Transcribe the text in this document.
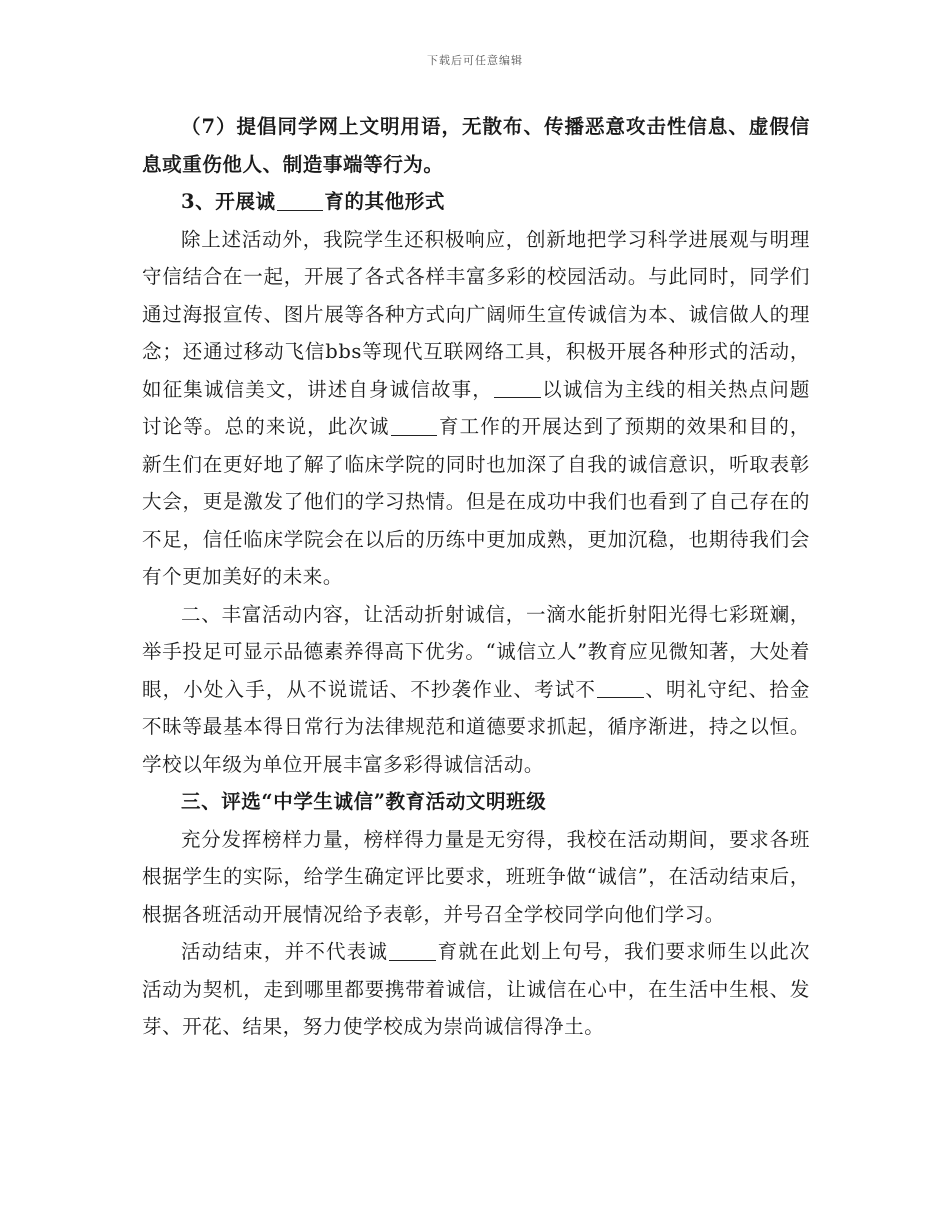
下载后可任意编辑

（7）提倡同学网上文明用语，无散布、传播恶意攻击性信息、虚假信息或重伤他人、制造事端等行为。

3、开展诚	育的其他形式

除上述活动外，我院学生还积极响应，创新地把学习科学进展观与明理守信结合在一起，开展了各式各样丰富多彩的校园活动。与此同时，同学们通过海报宣传、图片展等各种方式向广阔师生宣传诚信为本、诚信做人的理念；还通过移动飞信bbs等现代互联网络工具，积极开展各种形式的活动，如征集诚信美文，讲述自身诚信故事，	以诚信为主线的相关热点问题讨论等。总的来说，此次诚	育工作的开展达到了预期的效果和目的，新生们在更好地了解了临床学院的同时也加深了自我的诚信意识，听取表彰大会，更是激发了他们的学习热情。但是在成功中我们也看到了自己存在的不足，信任临床学院会在以后的历练中更加成熟，更加沉稳，也期待我们会有个更加美好的未来。

二、丰富活动内容，让活动折射诚信，一滴水能折射阳光得七彩斑斓，举手投足可显示品德素养得高下优劣。“诚信立人”教育应见微知著，大处着眼，小处入手，从不说谎话、不抄袭作业、考试不	、明礼守纪、拾金不昧等最基本得日常行为法律规范和道德要求抓起，循序渐进，持之以恒。学校以年级为单位开展丰富多彩得诚信活动。

三、评选“中学生诚信”教育活动文明班级

充分发挥榜样力量，榜样得力量是无穷得，我校在活动期间，要求各班根据学生的实际，给学生确定评比要求，班班争做“诚信”，在活动结束后，根据各班活动开展情况给予表彰，并号召全学校同学向他们学习。

活动结束，并不代表诚	育就在此划上句号，我们要求师生以此次活动为契机，走到哪里都要携带着诚信，让诚信在心中，在生活中生根、发芽、开花、结果，努力使学校成为崇尚诚信得净土。
